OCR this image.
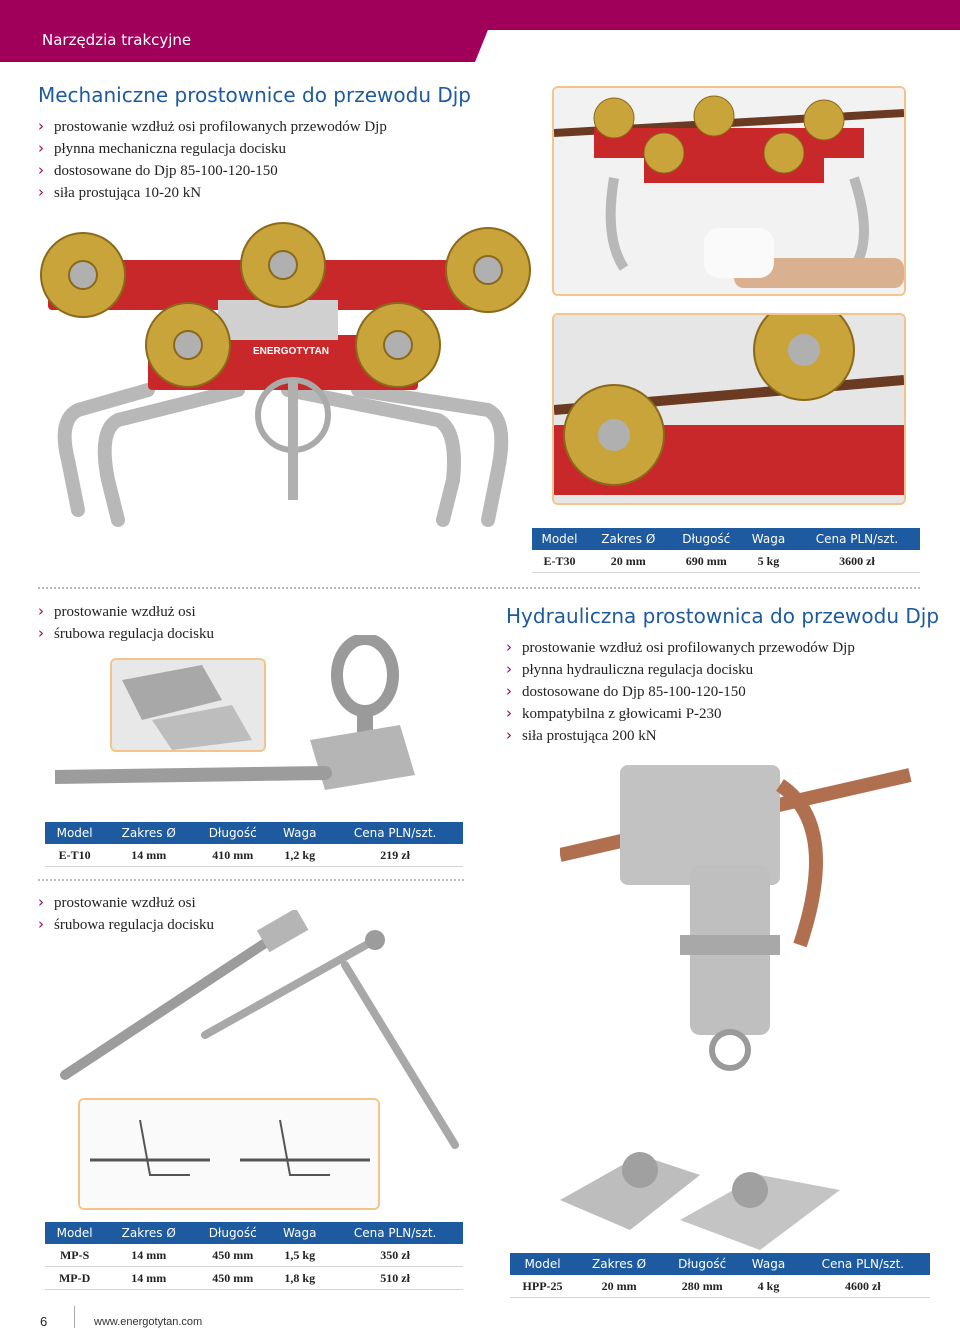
Narzędzia trakcyjne
Mechaniczne prostownice do przewodu Djp
› prostowanie wzdłuż osi profilowanych przewodów Djp
› płynna mechaniczna regulacja docisku
› dostosowane do Djp 85-100-120-150
› siła prostująca 10-20 kN
ENERGOTYTAN
Model	Zakres Ø	Długość	Waga	Cena PLN/szt.
E-T30	20 mm	690 mm	5 kg	3600 zł
› prostowanie wzdłuż osi
› śrubowa regulacja docisku
Model	Zakres Ø	Długość	Waga	Cena PLN/szt.
E-T10	14 mm	410 mm	1,2 kg	219 zł
Hydrauliczna prostownica do przewodu Djp
› prostowanie wzdłuż osi profilowanych przewodów Djp
› płynna hydrauliczna regulacja docisku
› dostosowane do Djp 85-100-120-150
› kompatybilna z głowicami P-230
› siła prostująca 200 kN
› prostowanie wzdłuż osi
› śrubowa regulacja docisku
Model	Zakres Ø	Długość	Waga	Cena PLN/szt.
MP-S	14 mm	450 mm	1,5 kg	350 zł
MP-D	14 mm	450 mm	1,8 kg	510 zł
Model	Zakres Ø	Długość	Waga	Cena PLN/szt.
HPP-25	20 mm	280 mm	4 kg	4600 zł
6	www.energotytan.com
